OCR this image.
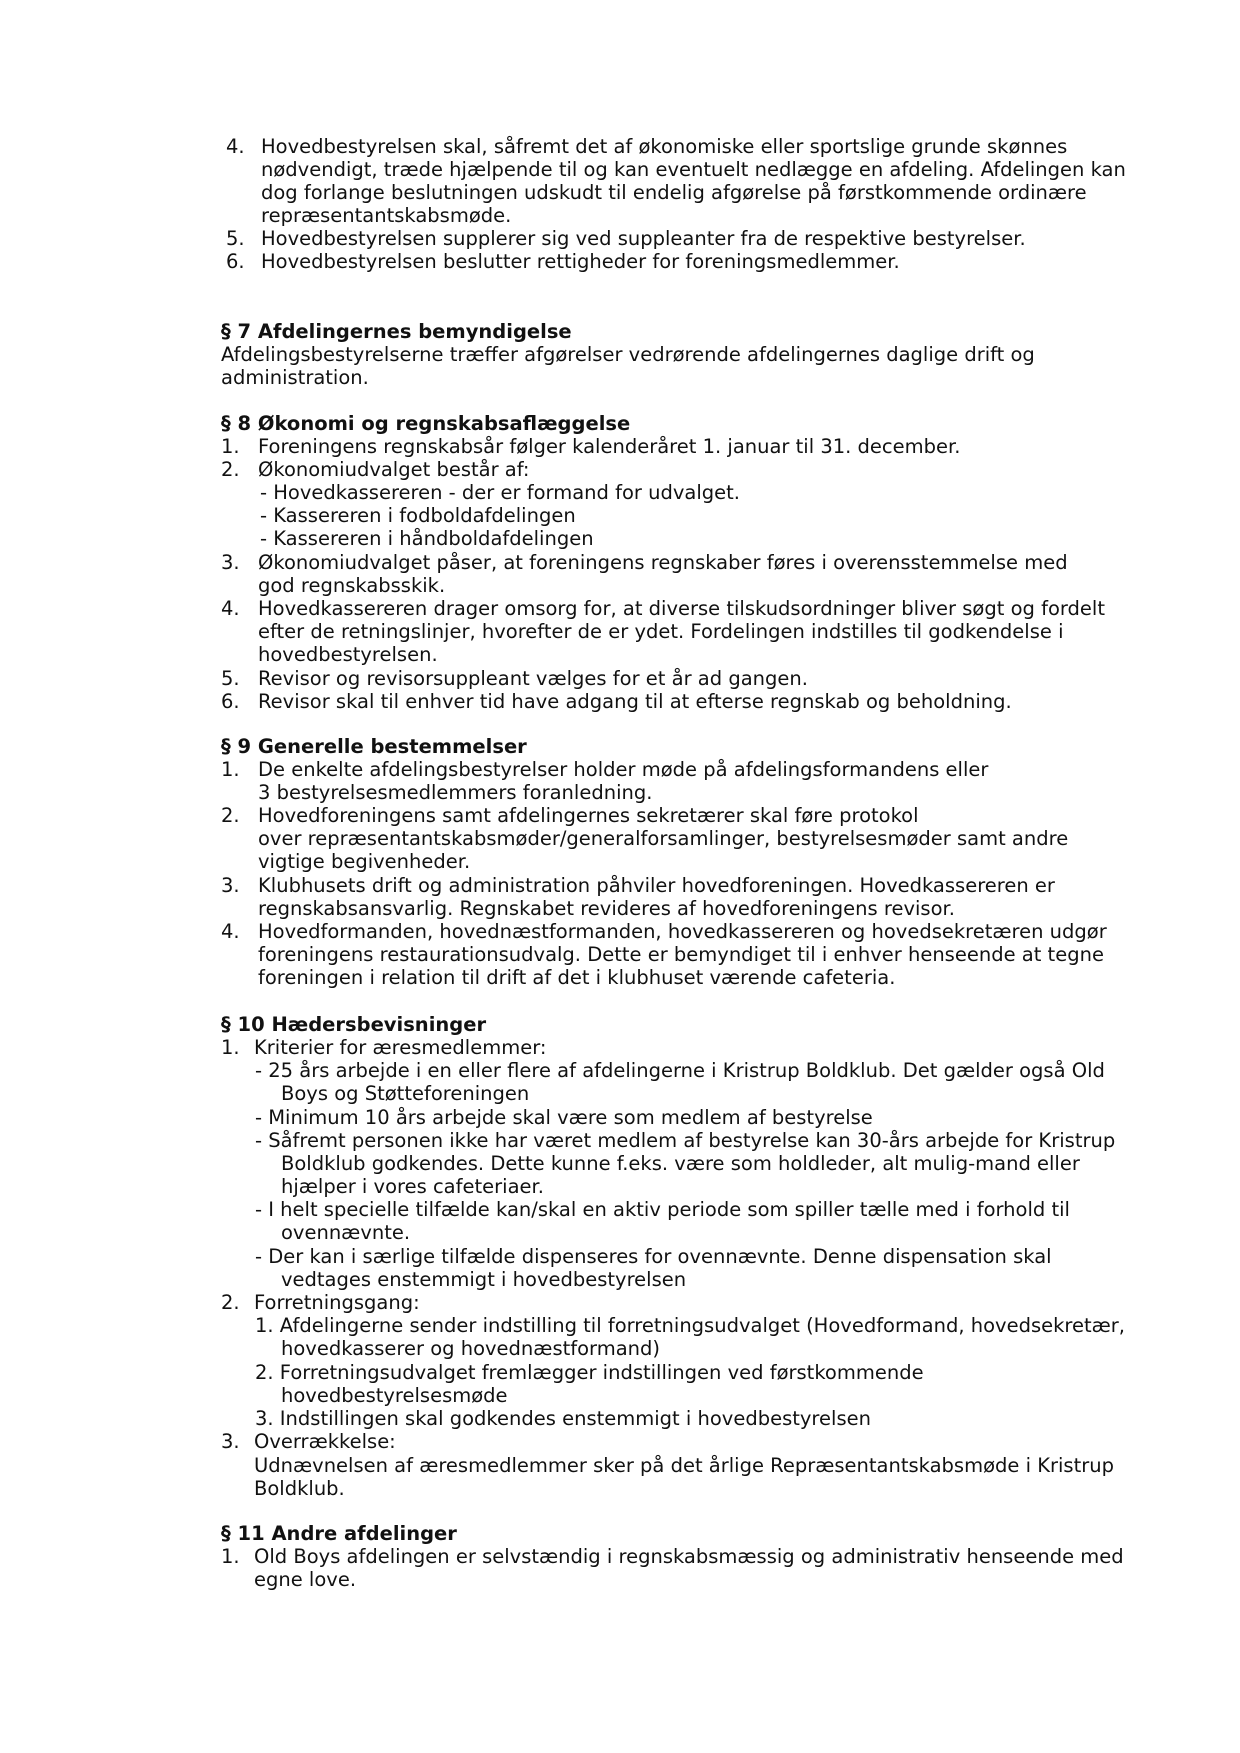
4. Hovedbestyrelsen skal, såfremt det af økonomiske eller sportslige grunde skønnes
nødvendigt, træde hjælpende til og kan eventuelt nedlægge en afdeling. Afdelingen kan
dog forlange beslutningen udskudt til endelig afgørelse på førstkommende ordinære
repræsentantskabsmøde.
5. Hovedbestyrelsen supplerer sig ved suppleanter fra de respektive bestyrelser.
6. Hovedbestyrelsen beslutter rettigheder for foreningsmedlemmer.
§ 7 Afdelingernes bemyndigelse
Afdelingsbestyrelserne træffer afgørelser vedrørende afdelingernes daglige drift og
administration.
§ 8 Økonomi og regnskabsaflæggelse
1. Foreningens regnskabsår følger kalenderåret 1. januar til 31. december.
2. Økonomiudvalget består af:
- Hovedkassereren - der er formand for udvalget.
- Kassereren i fodboldafdelingen
- Kassereren i håndboldafdelingen
3. Økonomiudvalget påser, at foreningens regnskaber føres i overensstemmelse med
god regnskabsskik.
4. Hovedkassereren drager omsorg for, at diverse tilskudsordninger bliver søgt og fordelt
efter de retningslinjer, hvorefter de er ydet. Fordelingen indstilles til godkendelse i
hovedbestyrelsen.
5. Revisor og revisorsuppleant vælges for et år ad gangen.
6. Revisor skal til enhver tid have adgang til at efterse regnskab og beholdning.
§ 9 Generelle bestemmelser
1. De enkelte afdelingsbestyrelser holder møde på afdelingsformandens eller
3 bestyrelsesmedlemmers foranledning.
2. Hovedforeningens samt afdelingernes sekretærer skal føre protokol
over repræsentantskabsmøder/generalforsamlinger, bestyrelsesmøder samt andre
vigtige begivenheder.
3. Klubhusets drift og administration påhviler hovedforeningen. Hovedkassereren er
regnskabsansvarlig. Regnskabet revideres af hovedforeningens revisor.
4. Hovedformanden, hovednæstformanden, hovedkassereren og hovedsekretæren udgør
foreningens restaurationsudvalg. Dette er bemyndiget til i enhver henseende at tegne
foreningen i relation til drift af det i klubhuset værende cafeteria.
§ 10 Hædersbevisninger
1. Kriterier for æresmedlemmer:
- 25 års arbejde i en eller flere af afdelingerne i Kristrup Boldklub. Det gælder også Old
Boys og Støtteforeningen
- Minimum 10 års arbejde skal være som medlem af bestyrelse
- Såfremt personen ikke har været medlem af bestyrelse kan 30-års arbejde for Kristrup
Boldklub godkendes. Dette kunne f.eks. være som holdleder, alt mulig-mand eller
hjælper i vores cafeteriaer.
- I helt specielle tilfælde kan/skal en aktiv periode som spiller tælle med i forhold til
ovennævnte.
- Der kan i særlige tilfælde dispenseres for ovennævnte. Denne dispensation skal
vedtages enstemmigt i hovedbestyrelsen
2. Forretningsgang:
1. Afdelingerne sender indstilling til forretningsudvalget (Hovedformand, hovedsekretær,
hovedkasserer og hovednæstformand)
2. Forretningsudvalget fremlægger indstillingen ved førstkommende
hovedbestyrelsesmøde
3. Indstillingen skal godkendes enstemmigt i hovedbestyrelsen
3. Overrækkelse:
Udnævnelsen af æresmedlemmer sker på det årlige Repræsentantskabsmøde i Kristrup
Boldklub.
§ 11 Andre afdelinger
1. Old Boys afdelingen er selvstændig i regnskabsmæssig og administrativ henseende med
egne love.
